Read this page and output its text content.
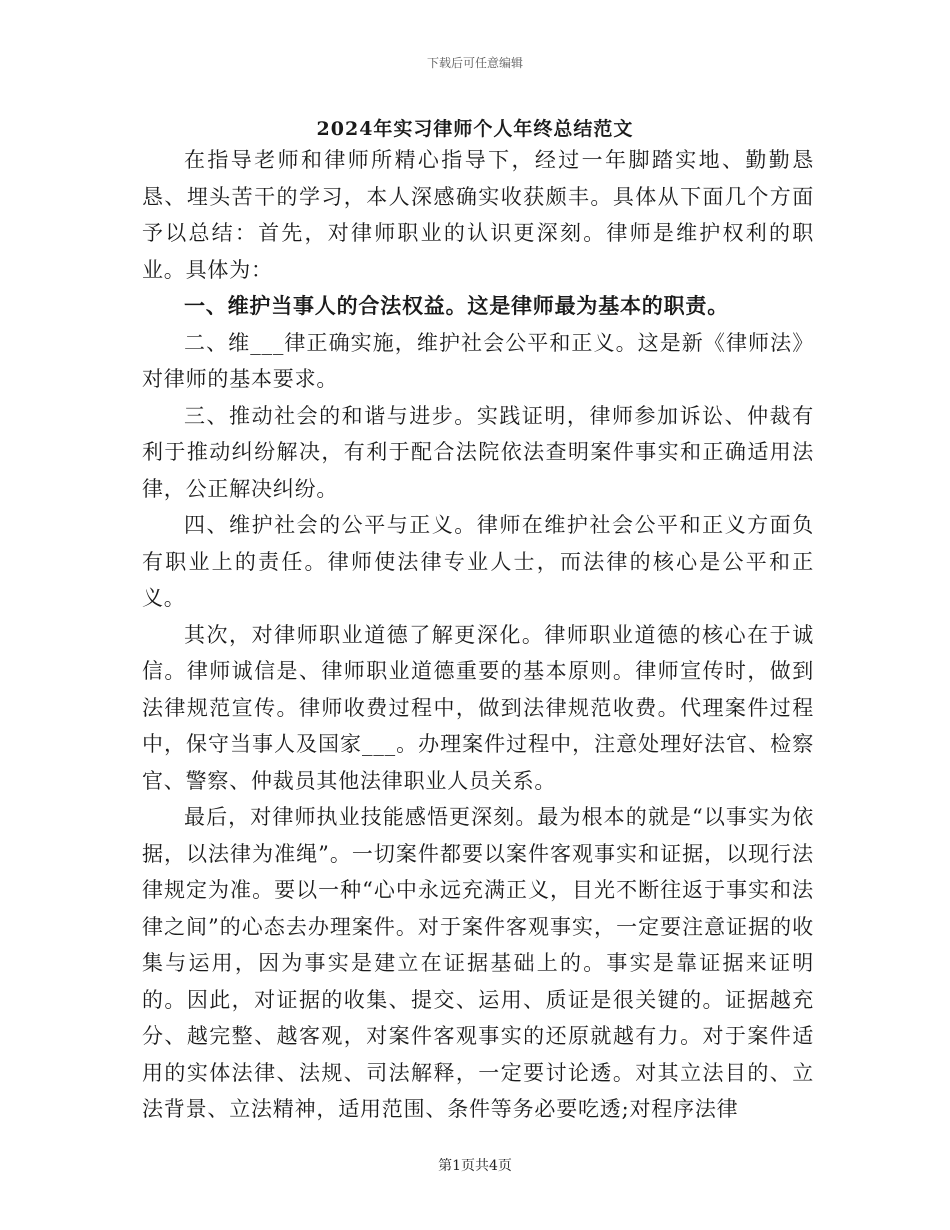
下载后可任意编辑
2024年实习律师个人年终总结范文

在指导老师和律师所精心指导下，经过一年脚踏实地、勤勤恳恳、埋头苦干的学习，本人深感确实收获颇丰。具体从下面几个方面予以总结：首先，对律师职业的认识更深刻。律师是维护权利的职业。具体为：

一、维护当事人的合法权益。这是律师最为基本的职责。

二、维___律正确实施，维护社会公平和正义。这是新《律师法》对律师的基本要求。

三、推动社会的和谐与进步。实践证明，律师参加诉讼、仲裁有利于推动纠纷解决，有利于配合法院依法查明案件事实和正确适用法律，公正解决纠纷。

四、维护社会的公平与正义。律师在维护社会公平和正义方面负有职业上的责任。律师使法律专业人士，而法律的核心是公平和正义。

其次，对律师职业道德了解更深化。律师职业道德的核心在于诚信。律师诚信是、律师职业道德重要的基本原则。律师宣传时，做到法律规范宣传。律师收费过程中，做到法律规范收费。代理案件过程中，保守当事人及国家___。办理案件过程中，注意处理好法官、检察官、警察、仲裁员其他法律职业人员关系。

最后，对律师执业技能感悟更深刻。最为根本的就是“以事实为依据，以法律为准绳”。一切案件都要以案件客观事实和证据，以现行法律规定为准。要以一种“心中永远充满正义，目光不断往返于事实和法律之间”的心态去办理案件。对于案件客观事实，一定要注意证据的收集与运用，因为事实是建立在证据基础上的。事实是靠证据来证明的。因此，对证据的收集、提交、运用、质证是很关键的。证据越充分、越完整、越客观，对案件客观事实的还原就越有力。对于案件适用的实体法律、法规、司法解释，一定要讨论透。对其立法目的、立法背景、立法精神，适用范围、条件等务必要吃透;对程序法律

第1页共4页
